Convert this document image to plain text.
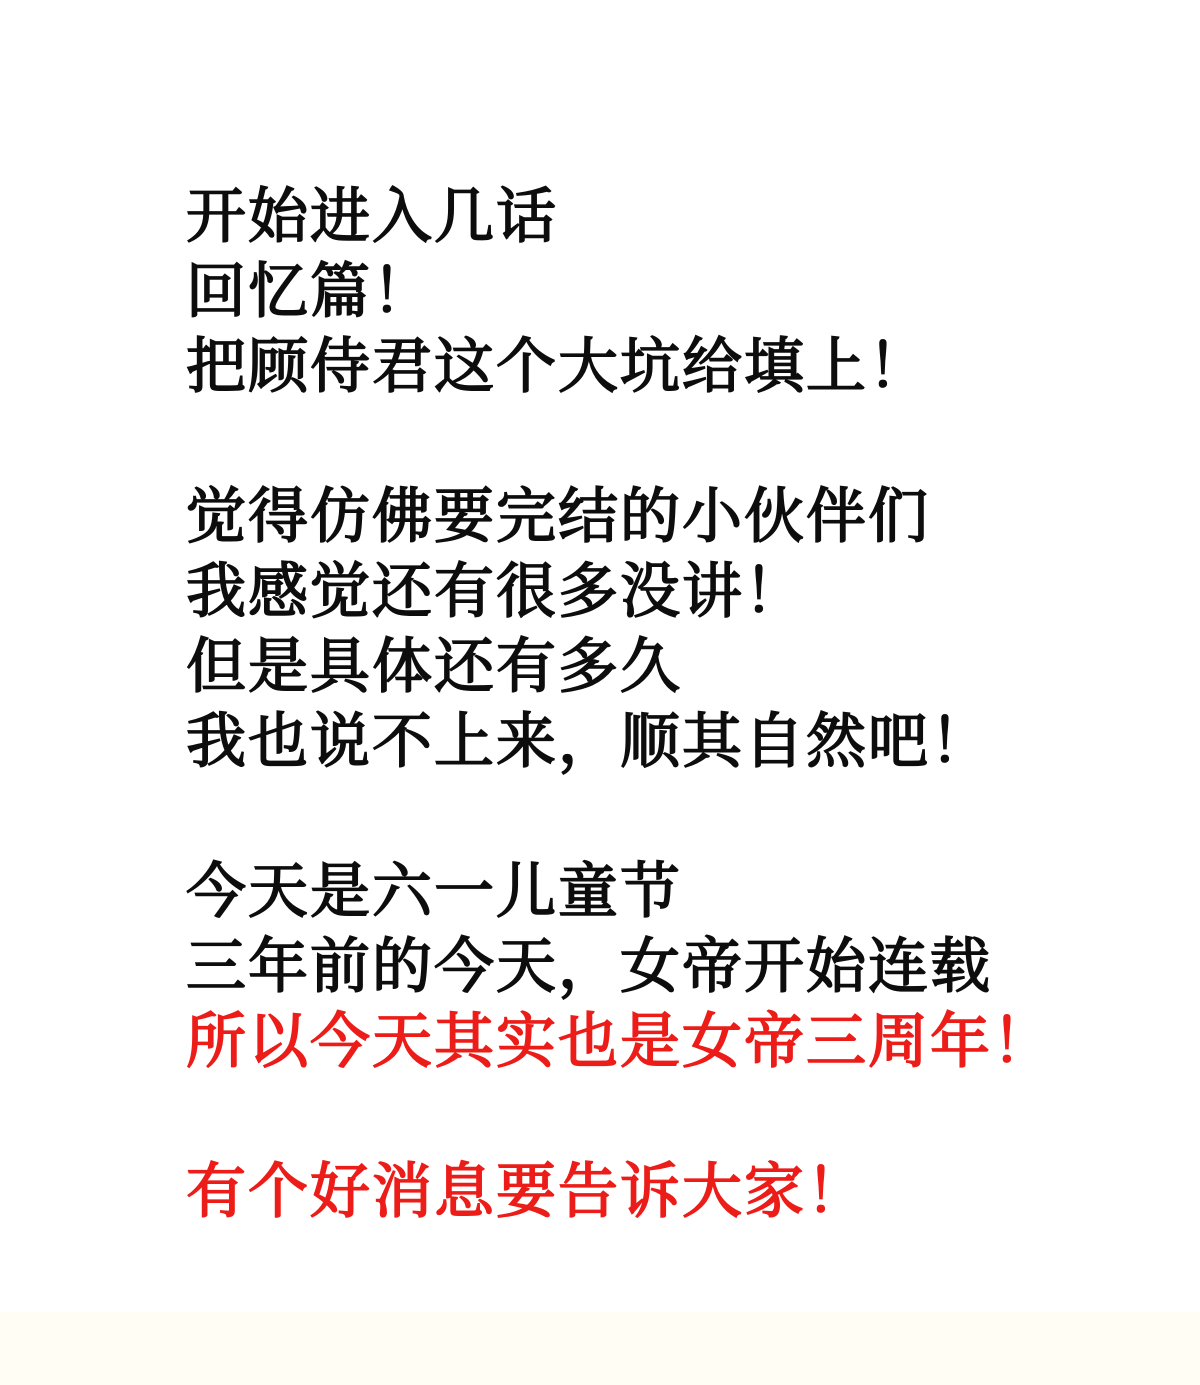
开始进入几话
回忆篇！
把顾侍君这个大坑给填上！

觉得仿佛要完结的小伙伴们
我感觉还有很多没讲！
但是具体还有多久
我也说不上来，顺其自然吧！

今天是六一儿童节
三年前的今天，女帝开始连载
所以今天其实也是女帝三周年！

有个好消息要告诉大家！
